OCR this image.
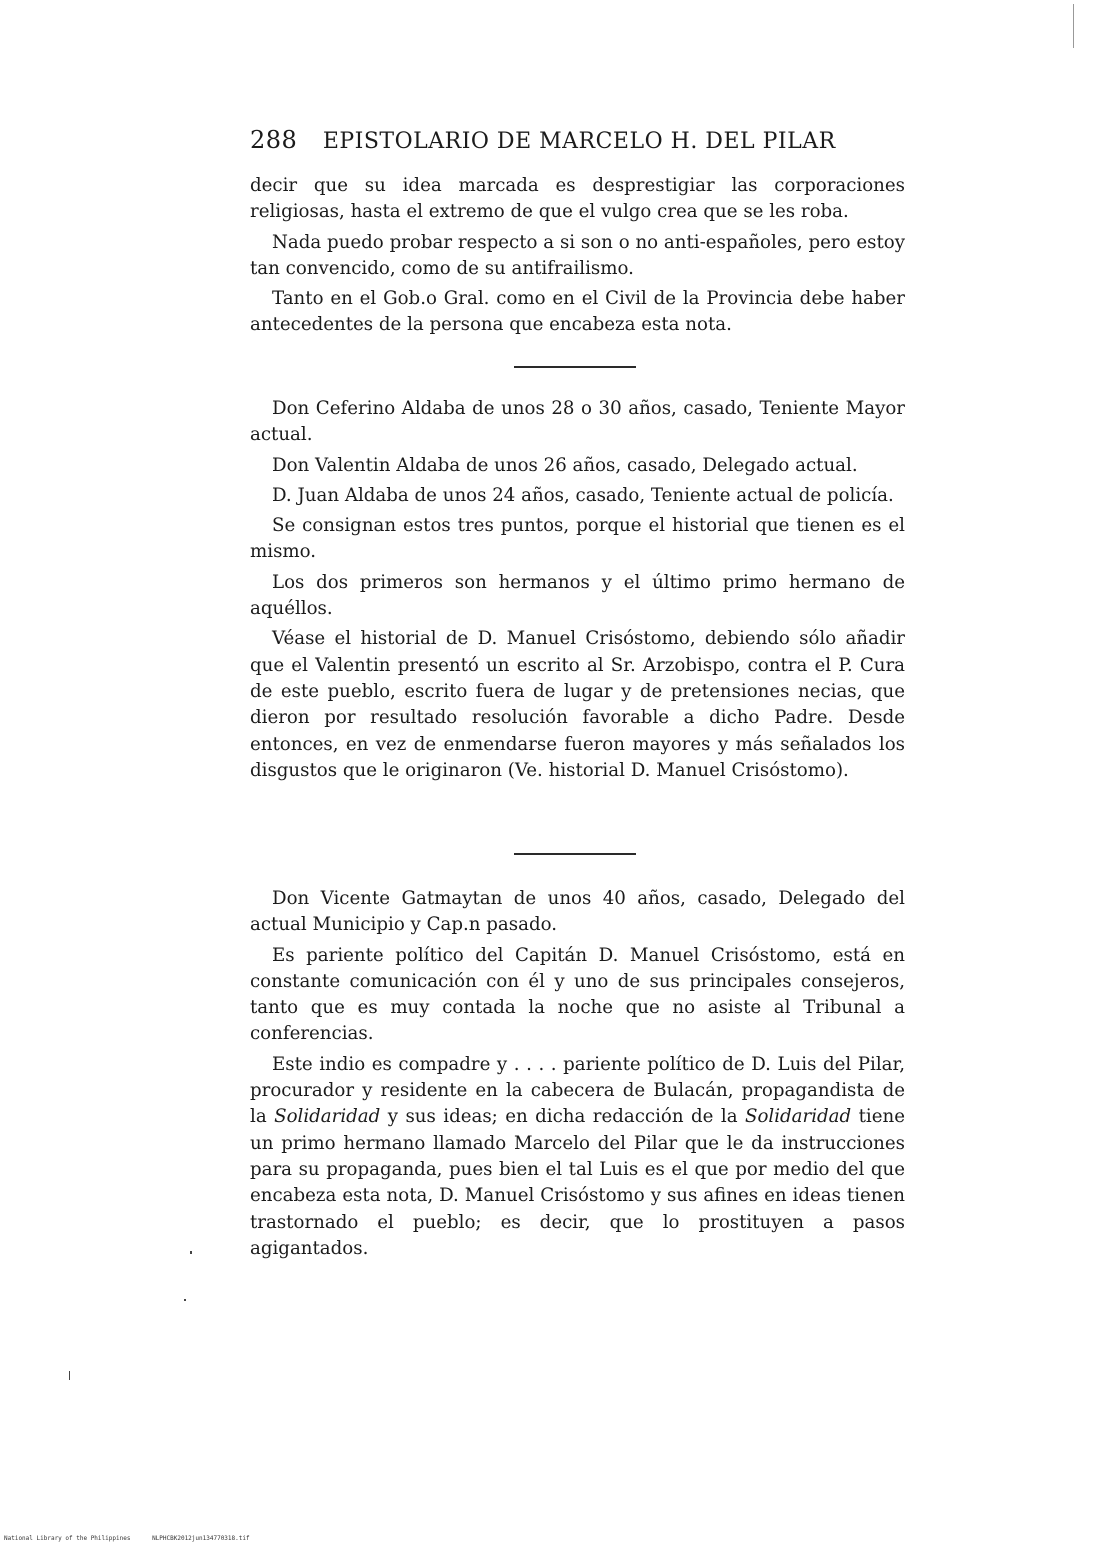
288 EPISTOLARIO DE MARCELO H. DEL PILAR

decir que su idea marcada es desprestigiar las corporaciones religiosas, hasta el extremo de que el vulgo crea que se les roba.

Nada puedo probar respecto a si son o no anti-españoles, pero estoy tan convencido, como de su antifrailismo.

Tanto en el Gob.o Gral. como en el Civil de la Provincia debe haber antecedentes de la persona que encabeza esta nota.

Don Ceferino Aldaba de unos 28 o 30 años, casado, Teniente Mayor actual.

Don Valentin Aldaba de unos 26 años, casado, Delegado actual.

D. Juan Aldaba de unos 24 años, casado, Teniente actual de policía.

Se consignan estos tres puntos, porque el historial que tienen es el mismo.

Los dos primeros son hermanos y el último primo hermano de aquéllos.

Véase el historial de D. Manuel Crisóstomo, debiendo sólo añadir que el Valentin presentó un escrito al Sr. Arzobispo, contra el P. Cura de este pueblo, escrito fuera de lugar y de pretensiones necias, que dieron por resultado resolución favorable a dicho Padre. Desde entonces, en vez de enmendarse fueron mayores y más señalados los disgustos que le originaron (Ve. historial D. Manuel Crisóstomo).

Don Vicente Gatmaytan de unos 40 años, casado, Delegado del actual Municipio y Cap.n pasado.

Es pariente político del Capitán D. Manuel Crisóstomo, está en constante comunicación con él y uno de sus principales consejeros, tanto que es muy contada la noche que no asiste al Tribunal a conferencias.

Este indio es compadre y . . . . pariente político de D. Luis del Pilar, procurador y residente en la cabecera de Bulacán, propagandista de la Solidaridad y sus ideas; en dicha redacción de la Solidaridad tiene un primo hermano llamado Marcelo del Pilar que le da instrucciones para su propaganda, pues bien el tal Luis es el que por medio del que encabeza esta nota, D. Manuel Crisóstomo y sus afines en ideas tienen trastornado el pueblo; es decir, que lo prostituyen a pasos agigantados.

National Library of the Philippines	NLPHCBK2012jun134770318.tif
